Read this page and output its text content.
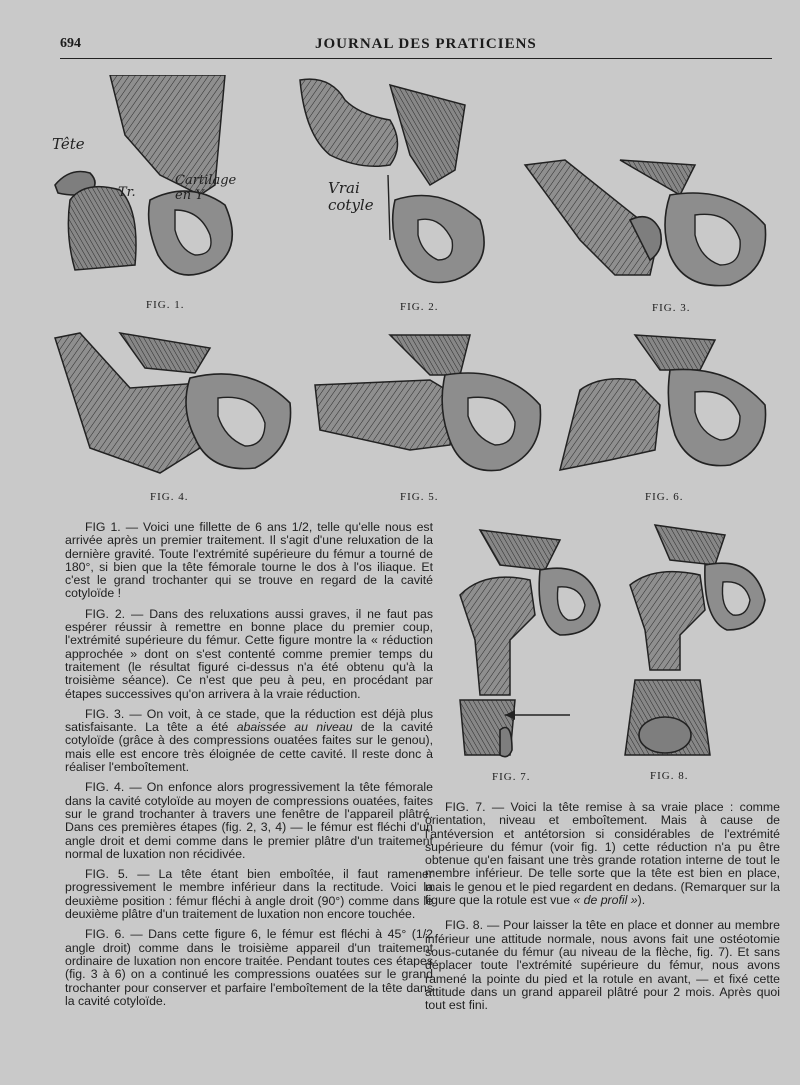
694	JOURNAL DES PRATICIENS
Tête
Tr.
Cartilage en Y
FIG. 1.
Vrai cotyle
FIG. 2.	FIG. 3.
FIG. 4.	FIG. 5.	FIG. 6.
FIG. 7.	FIG. 8.

FIG 1. — Voici une fillette de 6 ans 1/2, telle qu'elle nous est arrivée après un premier traitement. Il s'agit d'une reluxation de la dernière gravité. Toute l'extrémité supérieure du fémur a tourné de 180°, si bien que la tête fémorale tourne le dos à l'os iliaque. Et c'est le grand trochanter qui se trouve en regard de la cavité cotyloïde !

FIG. 2. — Dans des reluxations aussi graves, il ne faut pas espérer réussir à remettre en bonne place du premier coup, l'extrémité supérieure du fémur. Cette figure montre la « réduction approchée » dont on s'est contenté comme premier temps du traitement (le résultat figuré ci-dessus n'a été obtenu qu'à la troisième séance). Ce n'est que peu à peu, en procédant par étapes successives qu'on arrivera à la vraie réduction.

FIG. 3. — On voit, à ce stade, que la réduction est déjà plus satisfaisante. La tête a été abaissée au niveau de la cavité cotyloïde (grâce à des compressions ouatées faites sur le genou), mais elle est encore très éloignée de cette cavité. Il reste donc à réaliser l'emboîtement.

FIG. 4. — On enfonce alors progressivement la tête fémorale dans la cavité cotyloïde au moyen de compressions ouatées, faites sur le grand trochanter à travers une fenêtre de l'appareil plâtré. Dans ces premières étapes (fig. 2, 3, 4) — le fémur est fléchi d'un angle droit et demi comme dans le premier plâtre d'un traitement normal de luxation non récidivée.

FIG. 5. — La tête étant bien emboîtée, il faut ramener progressivement le membre inférieur dans la rectitude. Voici la deuxième position : fémur fléchi à angle droit (90°) comme dans le deuxième plâtre d'un traitement de luxation non encore touchée.

FIG. 6. — Dans cette figure 6, le fémur est fléchi à 45° (1/2 angle droit) comme dans le troisième appareil d'un traitement ordinaire de luxation non encore traitée. Pendant toutes ces étapes (fig. 3 à 6) on a continué les compressions ouatées sur le grand trochanter pour conserver et parfaire l'emboîtement de la tête dans la cavité cotyloïde.

FIG. 7. — Voici la tête remise à sa vraie place : comme orientation, niveau et emboîtement. Mais à cause de l'antéversion et antétorsion si considérables de l'extrémité supérieure du fémur (voir fig. 1) cette réduction n'a pu être obtenue qu'en faisant une très grande rotation interne de tout le membre inférieur. De telle sorte que la tête est bien en place, mais le genou et le pied regardent en dedans. (Remarquer sur la figure que la rotule est vue « de profil »).

FIG. 8. — Pour laisser la tête en place et donner au membre inférieur une attitude normale, nous avons fait une ostéotomie sous-cutanée du fémur (au niveau de la flèche, fig. 7). Et sans déplacer toute l'extrémité supérieure du fémur, nous avons ramené la pointe du pied et la rotule en avant, — et fixé cette attitude dans un grand appareil plâtré pour 2 mois. Après quoi tout est fini.
